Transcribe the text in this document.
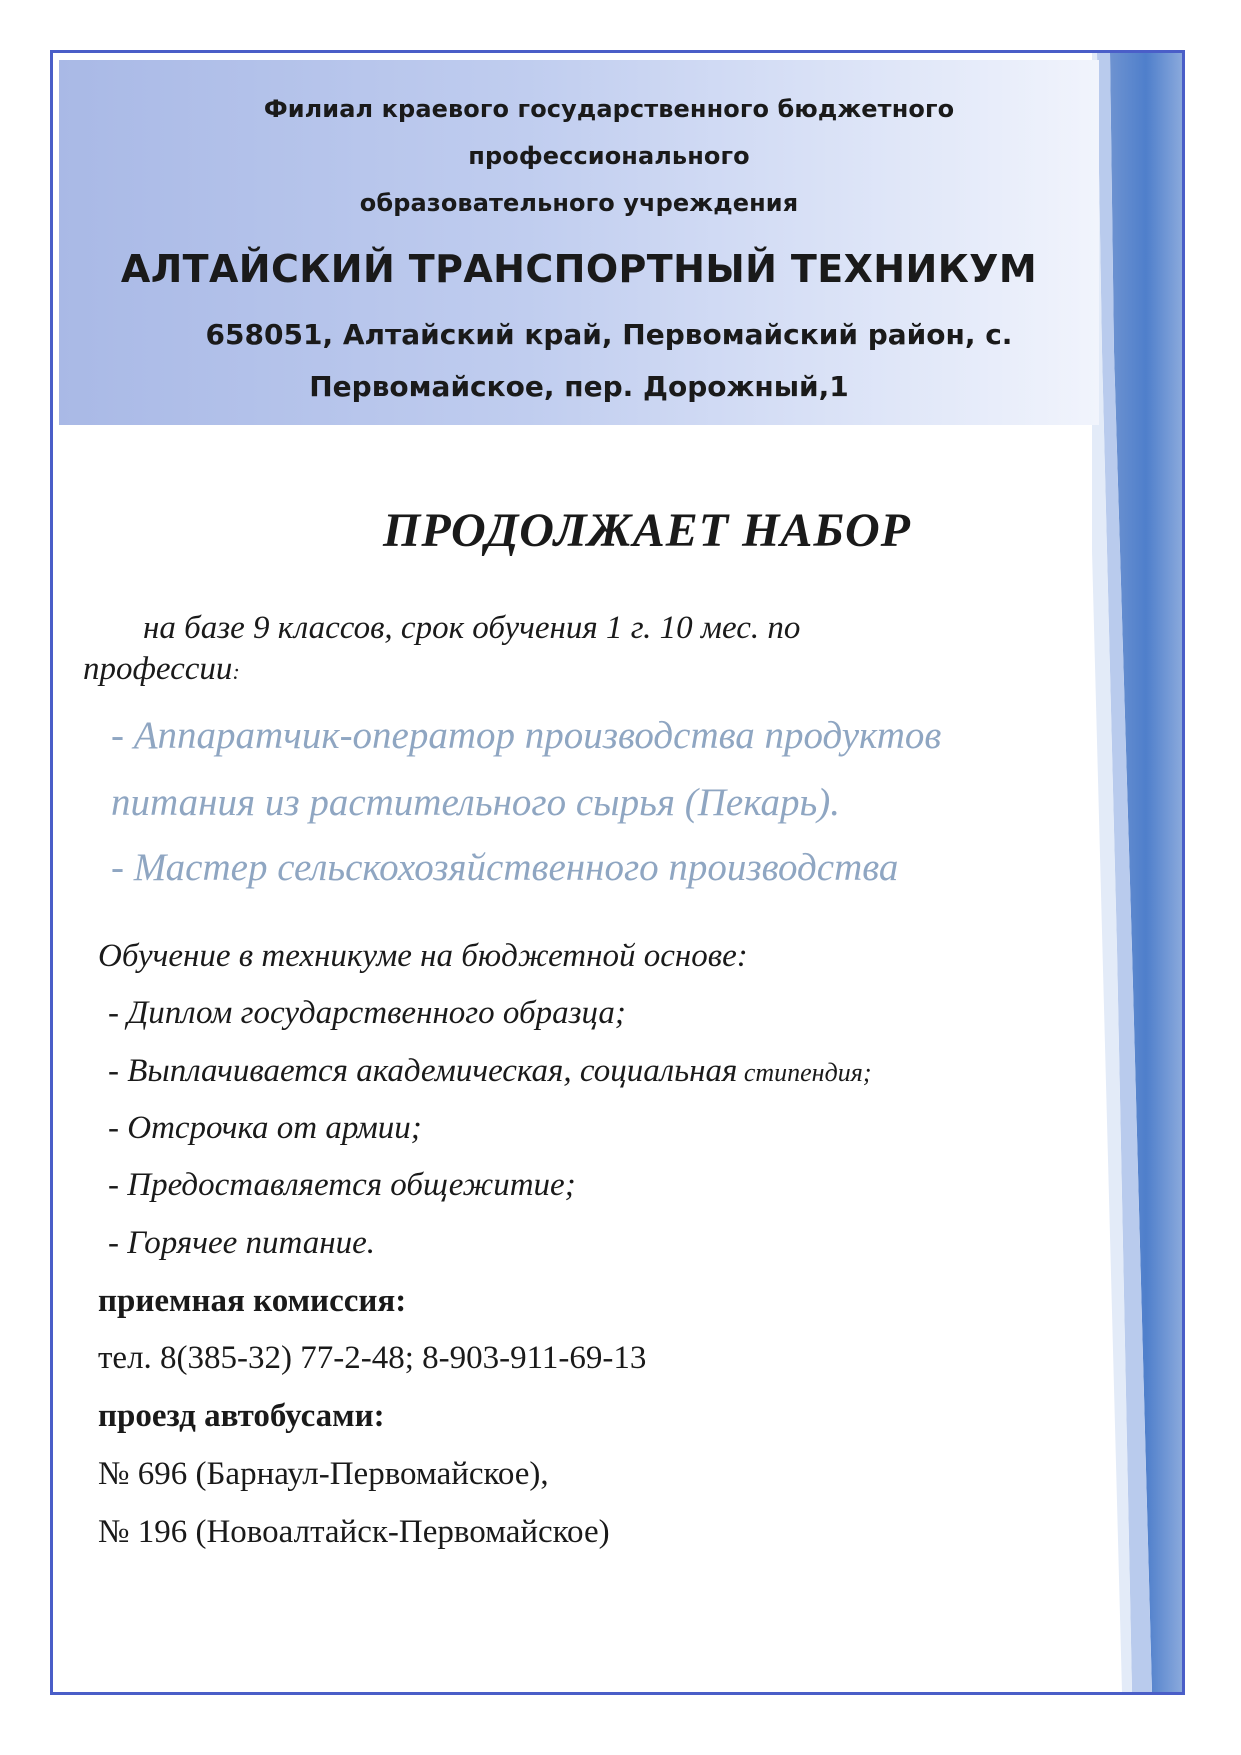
Филиал краевого государственного бюджетного профессионального
образовательного учреждения
АЛТАЙСКИЙ ТРАНСПОРТНЫЙ ТЕХНИКУМ
658051, Алтайский край, Первомайский район, с.
Первомайское, пер. Дорожный,1
ПРОДОЛЖАЕТ НАБОР
на базе 9 классов, срок обучения 1 г. 10 мес. по
профессии:
- Аппаратчик-оператор производства продуктов
питания из растительного сырья (Пекарь).
- Мастер сельскохозяйственного производства
Обучение в техникуме на бюджетной основе:
- Диплом государственного образца;
- Выплачивается академическая, социальная стипендия;
- Отсрочка от армии;
- Предоставляется общежитие;
- Горячее питание.
приемная комиссия:
тел. 8(385-32) 77-2-48; 8-903-911-69-13
проезд автобусами:
№ 696 (Барнаул-Первомайское),
№ 196 (Новоалтайск-Первомайское)
